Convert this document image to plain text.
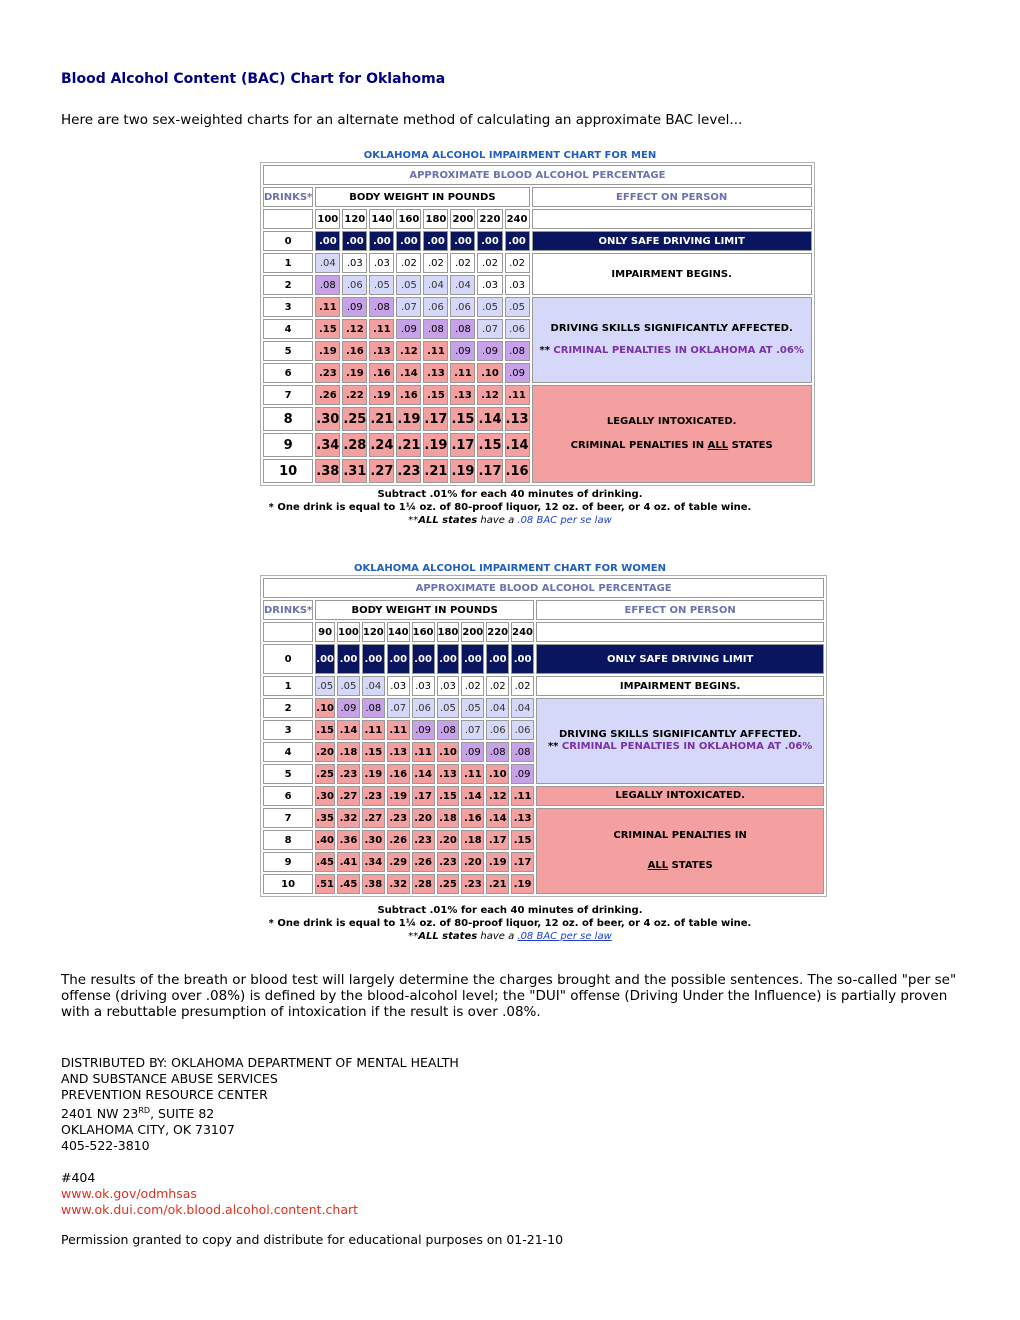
Blood Alcohol Content (BAC) Chart for Oklahoma
Here are two sex-weighted charts for an alternate method of calculating an approximate BAC level...
OKLAHOMA ALCOHOL IMPAIRMENT CHART FOR MEN
APPROXIMATE BLOOD ALCOHOL PERCENTAGE									
DRINKS*	BODY WEIGHT IN POUNDS								EFFECT ON PERSON
	100	120	140	160	180	200	220	240	
0	.00	.00	.00	.00	.00	.00	.00	.00	ONLY SAFE DRIVING LIMIT
1	.04	.03	.03	.02	.02	.02	.02	.02	IMPAIRMENT BEGINS.
2	.08	.06	.05	.05	.04	.04	.03	.03	
3	.11	.09	.08	.07	.06	.06	.05	.05	DRIVING SKILLS SIGNIFICANTLY AFFECTED.
** CRIMINAL PENALTIES IN OKLAHOMA AT .06%

4	.15	.12	.11	.09	.08	.08	.07	.06	
5	.19	.16	.13	.12	.11	.09	.09	.08	
6	.23	.19	.16	.14	.13	.11	.10	.09	
7	.26	.22	.19	.16	.15	.13	.12	.11	LEGALLY INTOXICATED.
CRIMINAL PENALTIES IN ALL STATES

8	.30	.25	.21	.19	.17	.15	.14	.13	
9	.34	.28	.24	.21	.19	.17	.15	.14	
10	.38	.31	.27	.23	.21	.19	.17	.16	
Subtract .01% for each 40 minutes of drinking.
* One drink is equal to 1¼ oz. of 80-proof liquor, 12 oz. of beer, or 4 oz. of table wine.
**ALL states have a .08 BAC per se law
OKLAHOMA ALCOHOL IMPAIRMENT CHART FOR WOMEN
APPROXIMATE BLOOD ALCOHOL PERCENTAGE										
DRINKS*	BODY WEIGHT IN POUNDS									EFFECT ON PERSON
	90	100	120	140	160	180	200	220	240	
0	.00	.00	.00	.00	.00	.00	.00	.00	.00	ONLY SAFE DRIVING LIMIT
1	.05	.05	.04	.03	.03	.03	.02	.02	.02	IMPAIRMENT BEGINS.
2	.10	.09	.08	.07	.06	.05	.05	.04	.04	DRIVING SKILLS SIGNIFICANTLY AFFECTED.
** CRIMINAL PENALTIES IN OKLAHOMA AT .06%

3	.15	.14	.11	.11	.09	.08	.07	.06	.06	
4	.20	.18	.15	.13	.11	.10	.09	.08	.08	
5	.25	.23	.19	.16	.14	.13	.11	.10	.09	
6	.30	.27	.23	.19	.17	.15	.14	.12	.11	LEGALLY INTOXICATED.
7	.35	.32	.27	.23	.20	.18	.16	.14	.13	CRIMINAL PENALTIES IN
ALL STATES

8	.40	.36	.30	.26	.23	.20	.18	.17	.15	
9	.45	.41	.34	.29	.26	.23	.20	.19	.17	
10	.51	.45	.38	.32	.28	.25	.23	.21	.19	
Subtract .01% for each 40 minutes of drinking.
* One drink is equal to 1¼ oz. of 80-proof liquor, 12 oz. of beer, or 4 oz. of table wine.
**ALL states have a .08 BAC per se law
The results of the breath or blood test will largely determine the charges brought and the possible sentences. The so-called "per se" offense (driving over .08%) is defined by the blood-alcohol level; the "DUI" offense (Driving Under the Influence) is partially proven with a rebuttable presumption of intoxication if the result is over .08%.
DISTRIBUTED BY: OKLAHOMA DEPARTMENT OF MENTAL HEALTH
AND SUBSTANCE ABUSE SERVICES
PREVENTION RESOURCE CENTER
2401 NW 23RD, SUITE 82
OKLAHOMA CITY, OK 73107
405-522-3810
#404
www.ok.gov/odmhsas
www.ok.dui.com/ok.blood.alcohol.content.chart
Permission granted to copy and distribute for educational purposes on 01-21-10
